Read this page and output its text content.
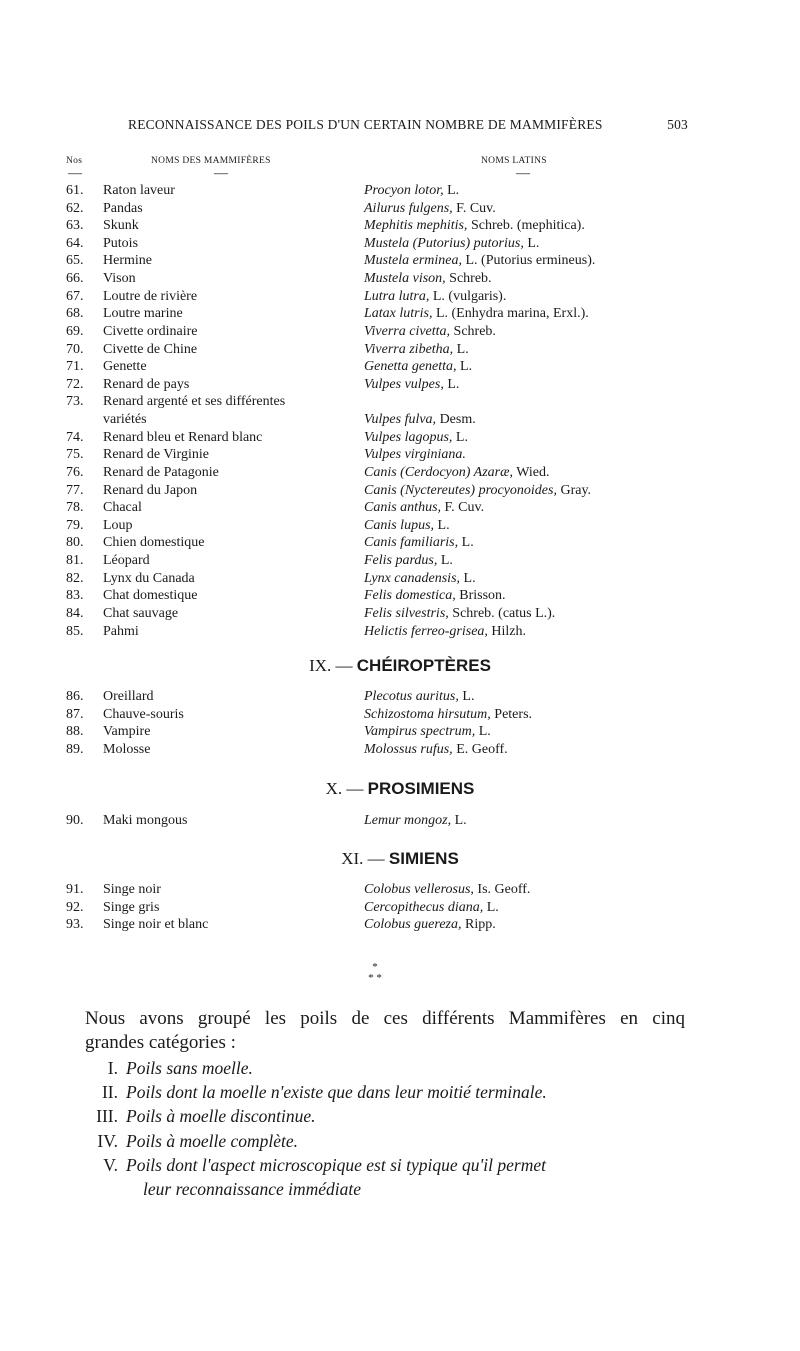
RECONNAISSANCE DES POILS D'UN CERTAIN NOMBRE DE MAMMIFÈRES	503
Nos	NOMS DES MAMMIFÈRES	NOMS LATINS
—	—	—
61. Raton laveur	Procyon lotor, L.
62. Pandas	Ailurus fulgens, F. Cuv.
63. Skunk	Mephitis mephitis, Schreb. (mephitica).
64. Putois	Mustela (Putorius) putorius, L.
65. Hermine	Mustela erminea, L. (Putorius ermineus).
66. Vison	Mustela vison, Schreb.
67. Loutre de rivière	Lutra lutra, L. (vulgaris).
68. Loutre marine	Latax lutris, L. (Enhydra marina, Erxl.).
69. Civette ordinaire	Viverra civetta, Schreb.
70. Civette de Chine	Viverra zibetha, L.
71. Genette	Genetta genetta, L.
72. Renard de pays	Vulpes vulpes, L.
73. Renard argenté et ses différentes
variétés	Vulpes fulva, Desm.
74. Renard bleu et Renard blanc	Vulpes lagopus, L.
75. Renard de Virginie	Vulpes virginiana.
76. Renard de Patagonie	Canis (Cerdocyon) Azaræ, Wied.
77. Renard du Japon	Canis (Nyctereutes) procyonoides, Gray.
78. Chacal	Canis anthus, F. Cuv.
79. Loup	Canis lupus, L.
80. Chien domestique	Canis familiaris, L.
81. Léopard	Felis pardus, L.
82. Lynx du Canada	Lynx canadensis, L.
83. Chat domestique	Felis domestica, Brisson.
84. Chat sauvage	Felis silvestris, Schreb. (catus L.).
85. Pahmi	Helictis ferreo-grisea, Hilzh.
IX. — CHÉIROPTÈRES
86. Oreillard	Plecotus auritus, L.
87. Chauve-souris	Schizostoma hirsutum, Peters.
88. Vampire	Vampirus spectrum, L.
89. Molosse	Molossus rufus, E. Geoff.
X. — PROSIMIENS
90. Maki mongous	Lemur mongoz, L.
XI. — SIMIENS
91. Singe noir	Colobus vellerosus, Is. Geoff.
92. Singe gris	Cercopithecus diana, L.
93. Singe noir et blanc	Colobus guereza, Ripp.
*
* *
Nous avons groupé les poils de ces différents Mammifères en cinq
grandes catégories :
I. Poils sans moelle.
II. Poils dont la moelle n'existe que dans leur moitié terminale.
III. Poils à moelle discontinue.
IV. Poils à moelle complète.
V. Poils dont l'aspect microscopique est si typique qu'il permet
leur reconnaissance immédiate
